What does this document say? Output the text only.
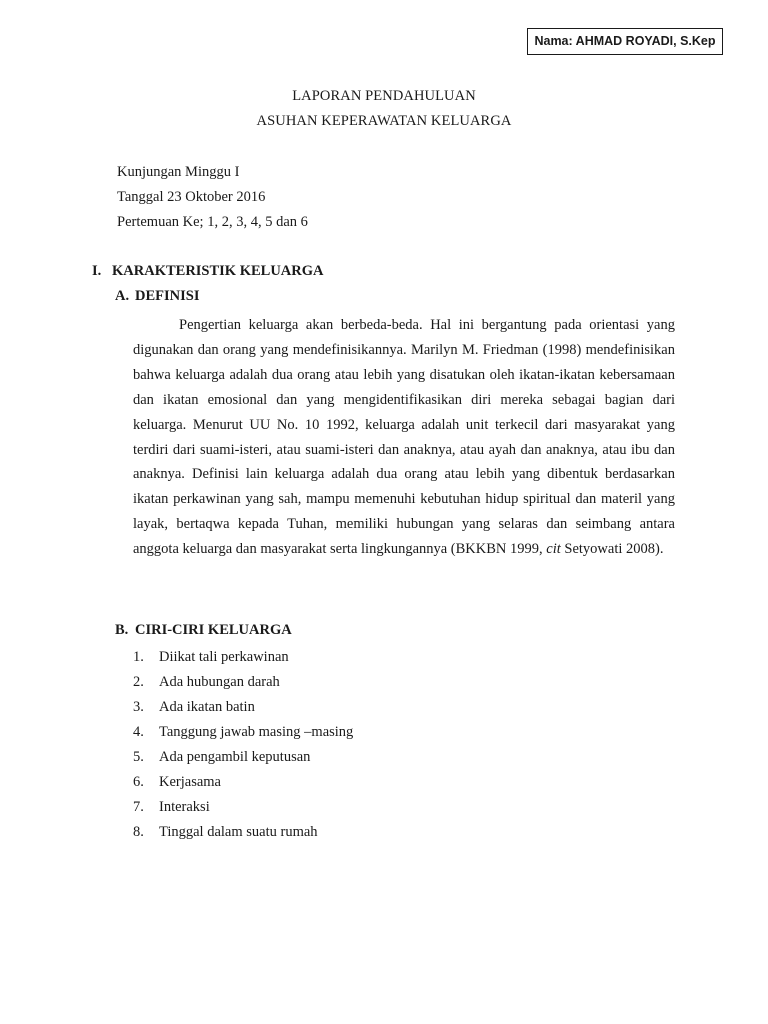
Nama: AHMAD ROYADI, S.Kep
LAPORAN PENDAHULUAN
ASUHAN KEPERAWATAN KELUARGA
Kunjungan Minggu I
Tanggal 23 Oktober 2016
Pertemuan Ke; 1, 2, 3, 4, 5 dan 6
I. KARAKTERISTIK KELUARGA
A. DEFINISI

Pengertian keluarga akan berbeda-beda. Hal ini bergantung pada orientasi yang digunakan dan orang yang mendefinisikannya. Marilyn M. Friedman (1998) mendefinisikan bahwa keluarga adalah dua orang atau lebih yang disatukan oleh ikatan-ikatan kebersamaan dan ikatan emosional dan yang mengidentifikasikan diri mereka sebagai bagian dari keluarga. Menurut UU No. 10 1992, keluarga adalah unit terkecil dari masyarakat yang terdiri dari suami-isteri, atau suami-isteri dan anaknya, atau ayah dan anaknya, atau ibu dan anaknya. Definisi lain keluarga adalah dua orang atau lebih yang dibentuk berdasarkan ikatan perkawinan yang sah, mampu memenuhi kebutuhan hidup spiritual dan materil yang layak, bertaqwa kepada Tuhan, memiliki hubungan yang selaras dan seimbang antara anggota keluarga dan masyarakat serta lingkungannya (BKKBN 1999, cit Setyowati 2008).

B. CIRI-CIRI KELUARGA
1. Diikat tali perkawinan
2. Ada hubungan darah
3. Ada ikatan batin
4. Tanggung jawab masing –masing
5. Ada pengambil keputusan
6. Kerjasama
7. Interaksi
8. Tinggal dalam suatu rumah
